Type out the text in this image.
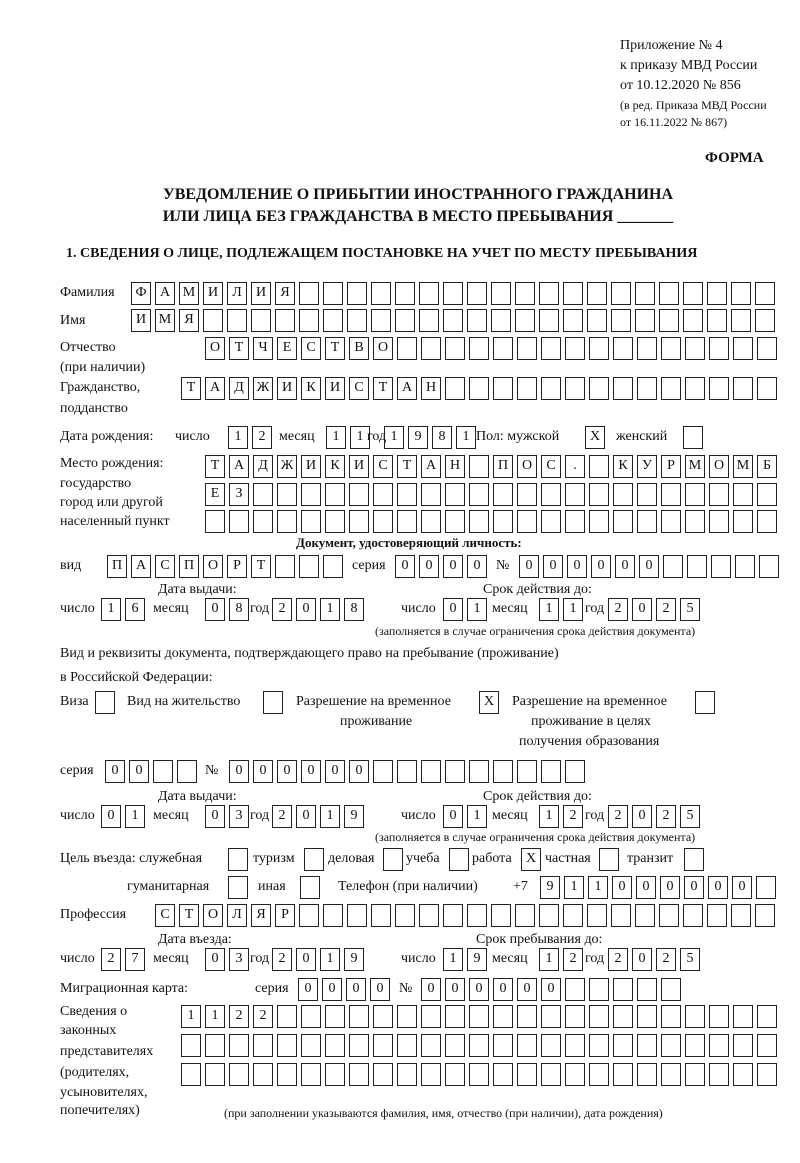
Приложение № 4
к приказу МВД России
от 10.12.2020 № 856
(в ред. Приказа МВД России
от 16.11.2022 № 867)
ФОРМА
УВЕДОМЛЕНИЕ О ПРИБЫТИИ ИНОСТРАННОГО ГРАЖДАНИНА
ИЛИ ЛИЦА БЕЗ ГРАЖДАНСТВА В МЕСТО ПРЕБЫВАНИЯ _______
1. СВЕДЕНИЯ О ЛИЦЕ, ПОДЛЕЖАЩЕМ ПОСТАНОВКЕ НА УЧЕТ ПО МЕСТУ ПРЕБЫВАНИЯ
Фамилия	Ф А М И	Л	И	Я
Имя	И М Я
Отчество
(при наличии)
О	Т	Ч	Е	С	Т	В	О
Гражданство,
подданство
Т	А	Д Ж И	К	И	С	Т	А Н
Дата рождения: число	1	2 месяц	1	1 год 1	9	8	1 Пол: мужской	X	женский
Место рождения:
государство
город или другой
населенный пункт
Т	А	Д Ж И	К	И	С	Т	А Н	П О	С	.	К	У	Р М О М Б
Е	З
Документ, удостоверяющий личность:
вид	П А	С	П О	Р	Т	серия	0	0	0	0	№	0	0	0	0	0	0
Дата выдачи:	Срок действия до:
число 1	6	месяц	0	8 год 2	0	1	8	число 0	1 месяц	1	1 год 2	0	2	5
(заполняется в случае ограничения срока действия документа)
Вид и реквизиты документа, подтверждающего право на пребывание (проживание)
в Российской Федерации:
Виза	Вид на жительство	Разрешение на временное
проживание
X	Разрешение на временное
проживание в целях
получения образования
серия	0	0	№	0	0	0	0	0	0
Дата выдачи:	Срок действия до:
число 0	1	месяц	0	3 год 2	0	1	9	число 0	1 месяц	1	2 год 2	0	2	5
(заполняется в случае ограничения срока действия документа)
Цель въезда: служебная	туризм деловая учеба работа	X частная	транзит
гуманитарная	иная	Телефон (при наличии)	+7	9	1	1	0	0	0	0	0	0
Профессия	С	Т	О	Л	Я	Р
Дата въезда:	Срок пребывания до:
число 2	7	месяц	0	3 год 2	0	1	9	число 1	9 месяц	1	2 год 2	0	2	5
Миграционная карта:	серия	0	0	0	0	№	0	0	0	0	0	0
Сведения о
законных
представителях
(родителях,
усыновителях,
попечителях)
1	1	2	2
(при заполнении указываются фамилия, имя, отчество (при наличии), дата рождения)
